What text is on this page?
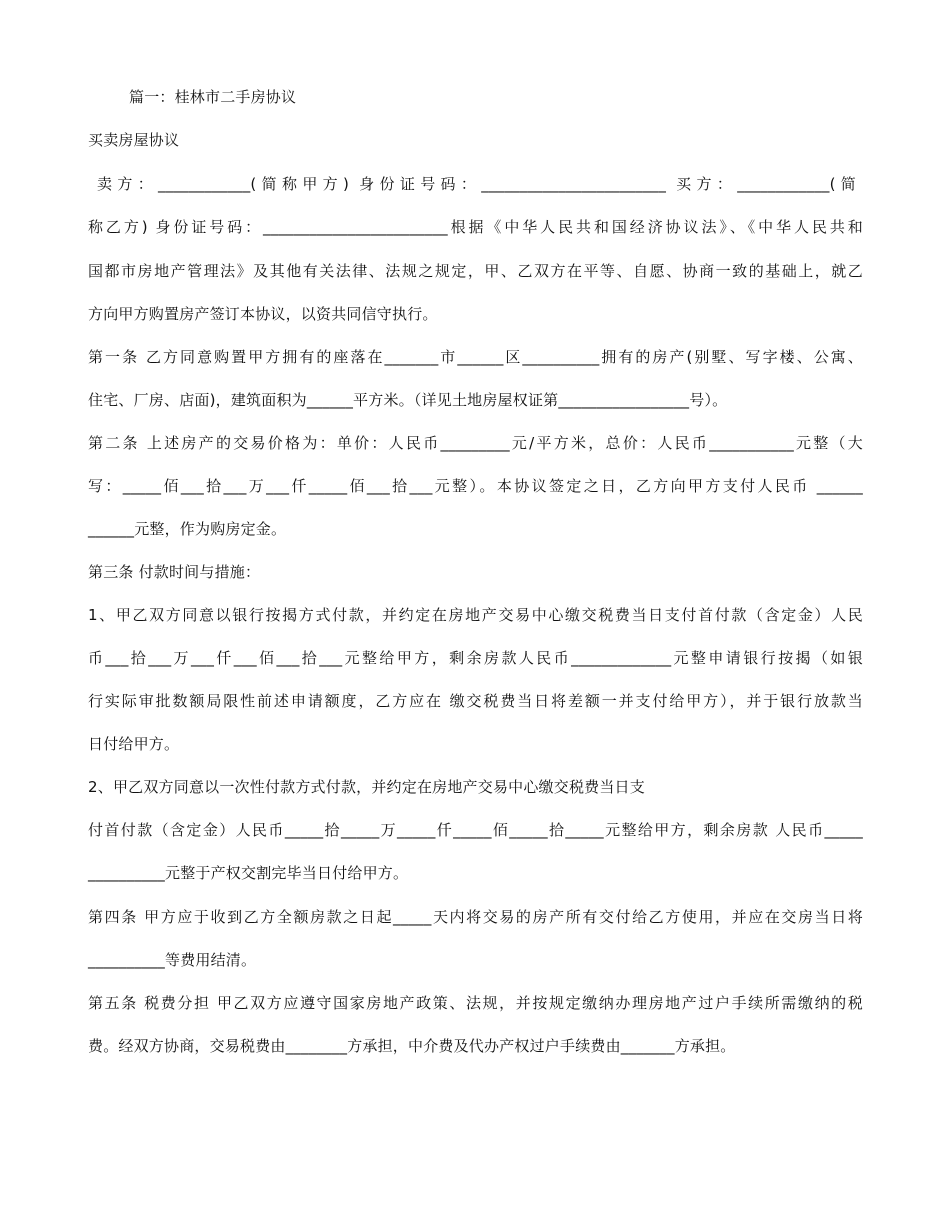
篇一：桂林市二手房协议
买卖房屋协议
卖方：____________(简称甲方) 身份证号码：________________________ 买方：____________(简
称乙方) 身份证号码：________________________根据《中华人民共和国经济协议法》、《中华人民共和
国都市房地产管理法》及其他有关法律、法规之规定，甲、乙双方在平等、自愿、协商一致的基础上，就乙
方向甲方购置房产签订本协议，以资共同信守执行。
第一条 乙方同意购置甲方拥有的座落在_______市______区__________拥有的房产(别墅、写字楼、公寓、
住宅、厂房、店面)，建筑面积为______平方米。（详见土地房屋权证第_________________号）。
第二条 上述房产的交易价格为：单价：人民币_________元/平方米，总价：人民币___________元整（大
写：_____佰___拾___万___仟_____佰___拾___元整）。本协议签定之日，乙方向甲方支付人民币 ______
______元整，作为购房定金。
第三条 付款时间与措施：
1、甲乙双方同意以银行按揭方式付款，并约定在房地产交易中心缴交税费当日支付首付款（含定金）人民
币___拾___万___仟___佰___拾___元整给甲方，剩余房款人民币_____________元整申请银行按揭（如银
行实际审批数额局限性前述申请额度，乙方应在 缴交税费当日将差额一并支付给甲方），并于银行放款当
日付给甲方。
2、甲乙双方同意以一次性付款方式付款，并约定在房地产交易中心缴交税费当日支
付首付款（含定金）人民币_____拾_____万_____仟_____佰_____拾_____元整给甲方，剩余房款 人民币_____
__________元整于产权交割完毕当日付给甲方。
第四条 甲方应于收到乙方全额房款之日起_____天内将交易的房产所有交付给乙方使用，并应在交房当日将
__________等费用结清。
第五条 税费分担 甲乙双方应遵守国家房地产政策、法规，并按规定缴纳办理房地产过户手续所需缴纳的税
费。经双方协商，交易税费由________方承担，中介费及代办产权过户手续费由_______方承担。
